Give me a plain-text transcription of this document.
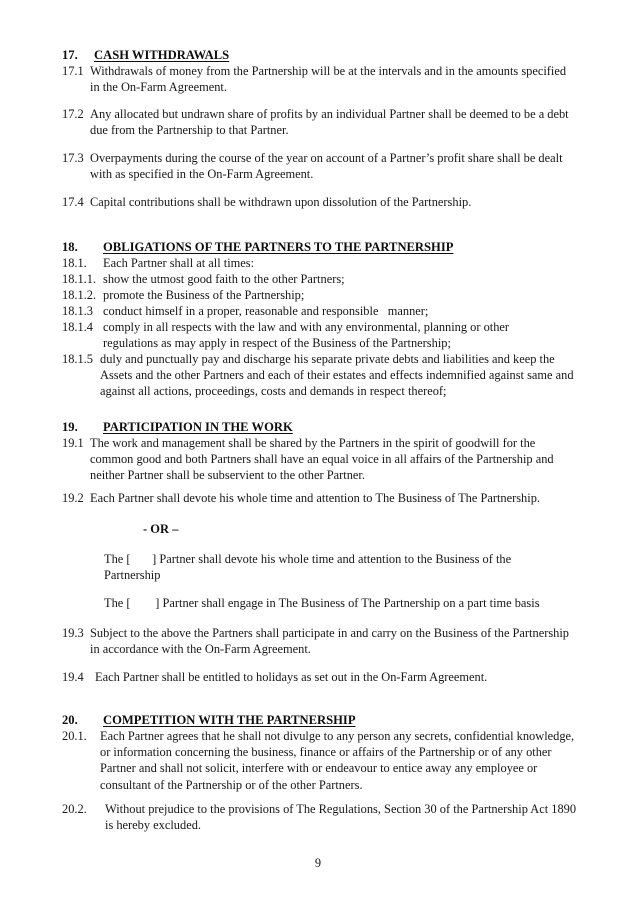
17.	CASH WITHDRAWALS
17.1 Withdrawals of money from the Partnership will be at the intervals and in the amounts specified in the On-Farm Agreement.
17.2 Any allocated but undrawn share of profits by an individual Partner shall be deemed to be a debt due from the Partnership to that Partner.
17.3 Overpayments during the course of the year on account of a Partner’s profit share shall be dealt with as specified in the On-Farm Agreement.
17.4 Capital contributions shall be withdrawn upon dissolution of the Partnership.
18.	OBLIGATIONS OF THE PARTNERS TO THE PARTNERSHIP
18.1.	Each Partner shall at all times:
18.1.1. show the utmost good faith to the other Partners;
18.1.2. promote the Business of the Partnership;
18.1.3 conduct himself in a proper, reasonable and responsible   manner;
18.1.4 comply in all respects with the law and with any environmental, planning or other regulations as may apply in respect of the Business of the Partnership;
18.1.5 duly and punctually pay and discharge his separate private debts and liabilities and keep the Assets and the other Partners and each of their estates and effects indemnified against same and against all actions, proceedings, costs and demands in respect thereof;
19.	PARTICIPATION IN THE WORK
19.1 The work and management shall be shared by the Partners in the spirit of goodwill for the common good and both Partners shall have an equal voice in all affairs of the Partnership and neither Partner shall be subservient to the other Partner.
19.2 Each Partner shall devote his whole time and attention to The Business of The Partnership.
- OR –
The [       ] Partner shall devote his whole time and attention to the Business of the Partnership
The [        ] Partner shall engage in The Business of The Partnership on a part time basis
19.3 Subject to the above the Partners shall participate in and carry on the Business of the Partnership in accordance with the On-Farm Agreement.
19.4 Each Partner shall be entitled to holidays as set out in the On-Farm Agreement.
20.	COMPETITION WITH THE PARTNERSHIP
20.1.	Each Partner agrees that he shall not divulge to any person any secrets, confidential knowledge, or information concerning the business, finance or affairs of the Partnership or of any other Partner and shall not solicit, interfere with or endeavour to entice away any employee or consultant of the Partnership or of the other Partners.
20.2.	Without prejudice to the provisions of The Regulations, Section 30 of the Partnership Act 1890 is hereby excluded.
9
